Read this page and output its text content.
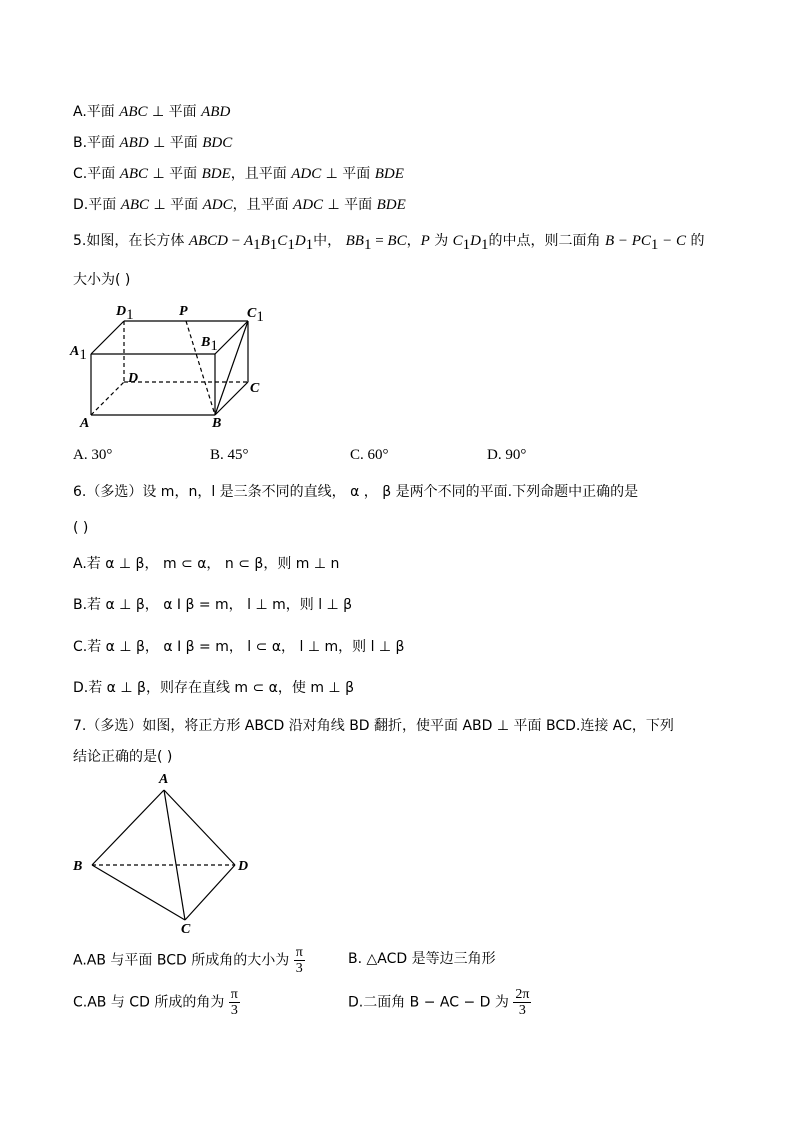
A.平面 ABC ⊥ 平面 ABD
B.平面 ABD ⊥ 平面 BDC
C.平面 ABC ⊥ 平面 BDE，且平面 ADC ⊥ 平面 BDE
D.平面 ABC ⊥ 平面 ADC，且平面 ADC ⊥ 平面 BDE
5.如图，在长方体 ABCD − $A_1B_1C_1D_1$中， $BB_1$ = BC，P 为 $C_1D_1$的中点，则二面角 $B - PC_1 - C$ 的
大小为( )
$D_1$	P	$C_1$
$A_1$
$B_1$
D
C
A	B
A. 30°	B. 45°	C. 60°	D. 90°
6.（多选）设 m，n，l 是三条不同的直线， α ， β 是两个不同的平面.下列命题中正确的是
( )
A.若 α ⊥ β， m ⊂ α， n ⊂ β，则 m ⊥ n
B.若 α ⊥ β， α I β = m， l ⊥ m，则 l ⊥ β
C.若 α ⊥ β， α I β = m， l ⊂ α， l ⊥ m，则 l ⊥ β
D.若 α ⊥ β，则存在直线 m ⊂ α，使 m ⊥ β
7.（多选）如图，将正方形 ABCD 沿对角线 BD 翻折，使平面 ABD ⊥ 平面 BCD.连接 AC，下列
结论正确的是( )
A
B	D
C
A.AB 与平面 BCD 所成角的大小为 $\frac{\pi}{3}$	B. △ACD 是等边三角形
C.AB 与 CD 所成的角为 $\frac{\pi}{3}$	D.二面角 B − AC − D 为 $\frac{2\pi}{3}$
